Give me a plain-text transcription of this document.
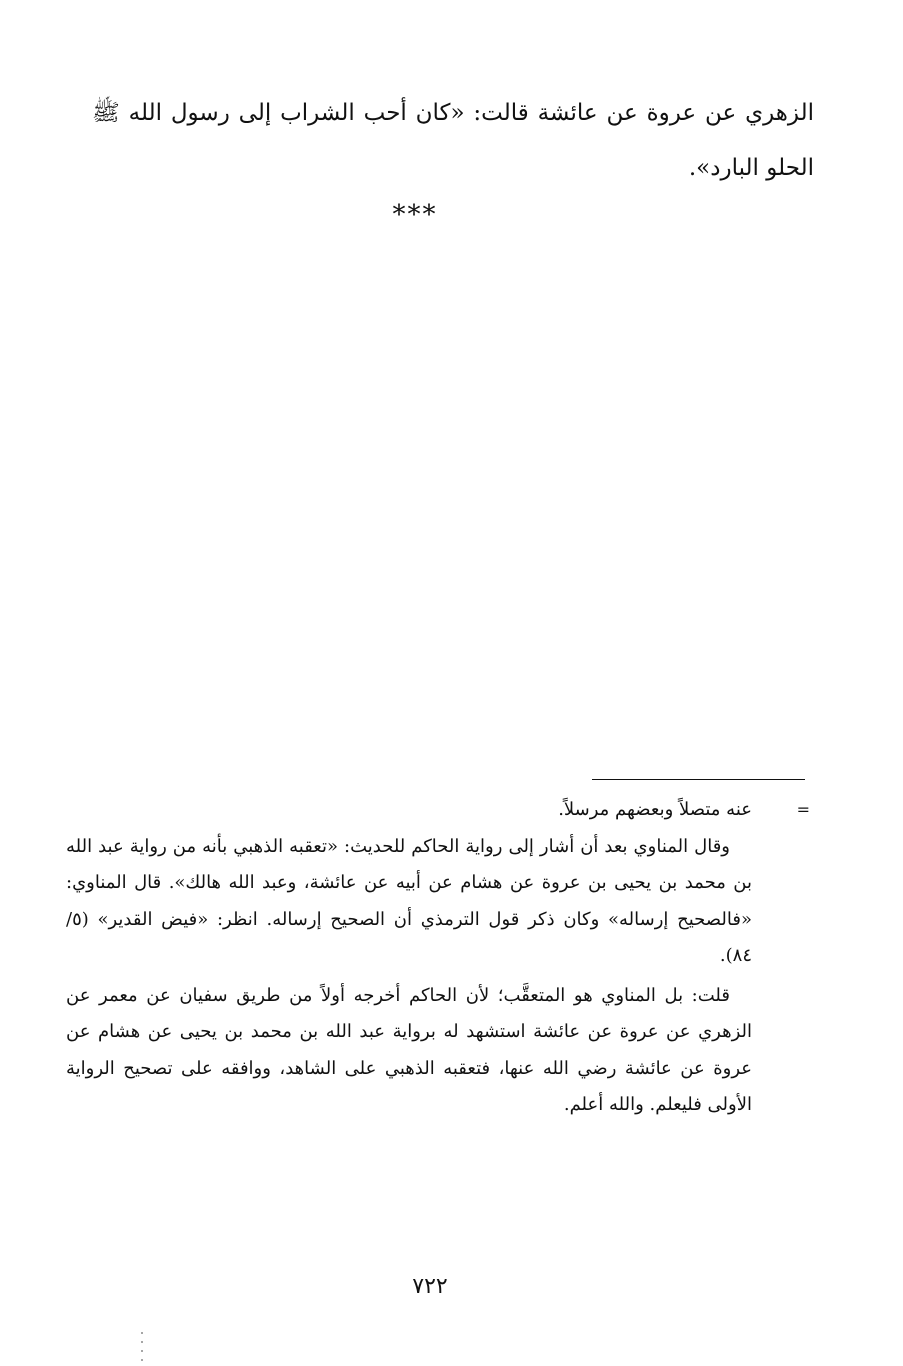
الزهري عن عروة عن عائشة قالت: «كان أحب الشراب إلى رسول الله ﷺ الحلو البارد».

***

=
عنه متصلاً وبعضهم مرسلاً.

وقال المناوي بعد أن أشار إلى رواية الحاكم للحديث: «تعقبه الذهبي بأنه من رواية عبد الله بن محمد بن يحيى بن عروة عن هشام عن أبيه عن عائشة، وعبد الله هالك». قال المناوي: «فالصحيح إرساله» وكان ذكر قول الترمذي أن الصحيح إرساله. انظر: «فيض القدير» (٥/ ٨٤).

قلت: بل المناوي هو المتعقَّب؛ لأن الحاكم أخرجه أولاً من طريق سفيان عن معمر عن الزهري عن عروة عن عائشة استشهد له برواية عبد الله بن محمد بن يحيى عن هشام عن عروة عن عائشة رضي الله عنها، فتعقبه الذهبي على الشاهد، ووافقه على تصحيح الرواية الأولى فليعلم. والله أعلم.

٧٢٢
